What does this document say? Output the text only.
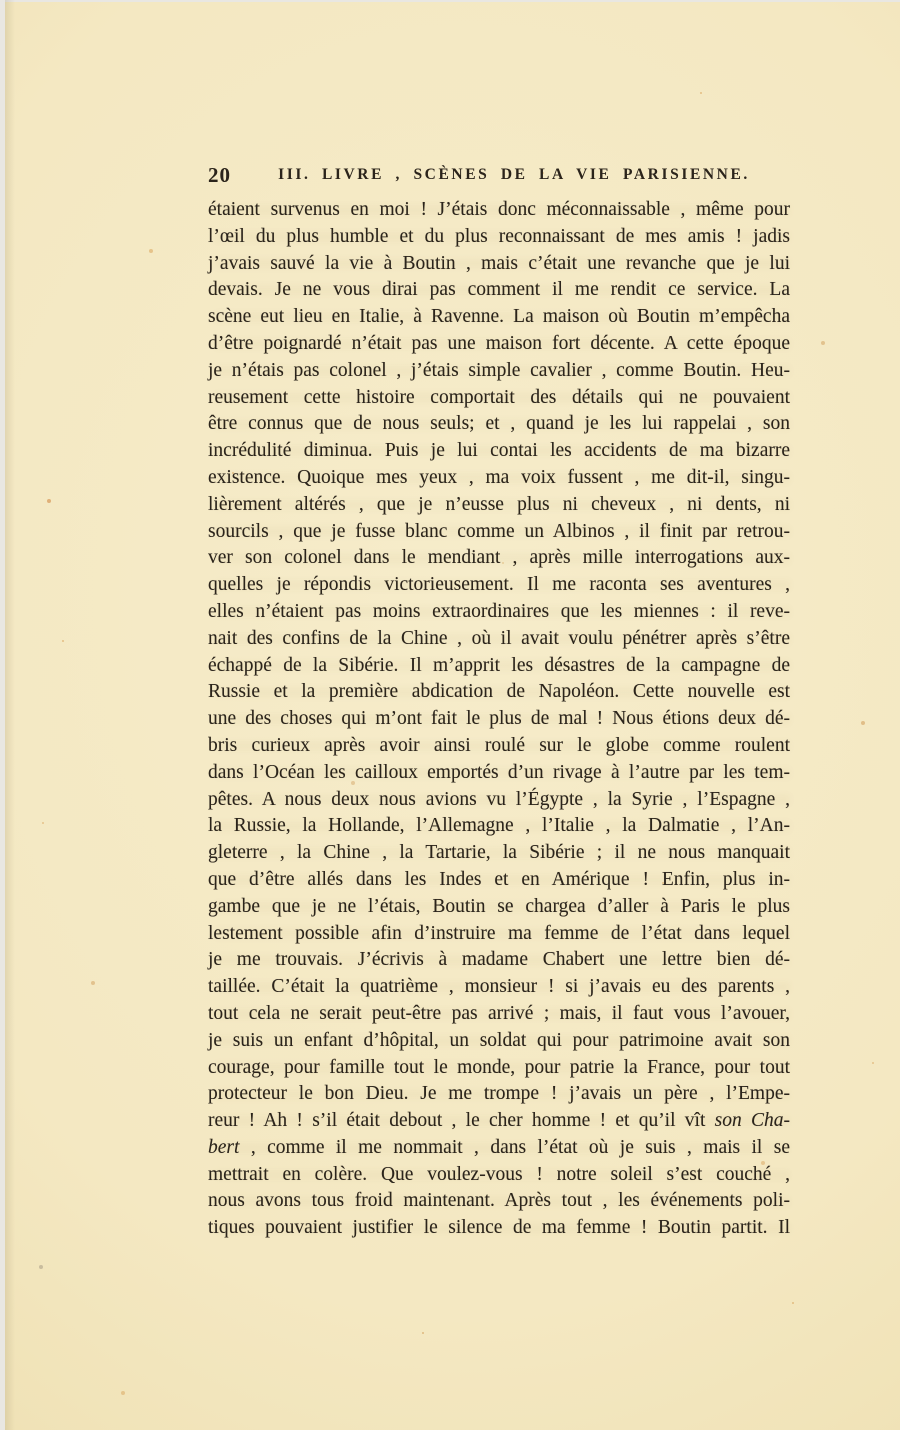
20	III. LIVRE , SCÈNES DE LA VIE PARISIENNE.
étaient survenus en moi ! J’étais donc méconnaissable , même pour
l’œil du plus humble et du plus reconnaissant de mes amis ! jadis
j’avais sauvé la vie à Boutin , mais c’était une revanche que je lui
devais. Je ne vous dirai pas comment il me rendit ce service. La
scène eut lieu en Italie, à Ravenne. La maison où Boutin m’empêcha
d’être poignardé n’était pas une maison fort décente. A cette époque
je n’étais pas colonel , j’étais simple cavalier , comme Boutin. Heu-
reusement cette histoire comportait des détails qui ne pouvaient
être connus que de nous seuls; et , quand je les lui rappelai , son
incrédulité diminua. Puis je lui contai les accidents de ma bizarre
existence. Quoique mes yeux , ma voix fussent , me dit-il, singu-
lièrement altérés , que je n’eusse plus ni cheveux , ni dents, ni
sourcils , que je fusse blanc comme un Albinos , il finit par retrou-
ver son colonel dans le mendiant , après mille interrogations aux-
quelles je répondis victorieusement. Il me raconta ses aventures ,
elles n’étaient pas moins extraordinaires que les miennes : il reve-
nait des confins de la Chine , où il avait voulu pénétrer après s’être
échappé de la Sibérie. Il m’apprit les désastres de la campagne de
Russie et la première abdication de Napoléon. Cette nouvelle est
une des choses qui m’ont fait le plus de mal ! Nous étions deux dé-
bris curieux après avoir ainsi roulé sur le globe comme roulent
dans l’Océan les cailloux emportés d’un rivage à l’autre par les tem-
pêtes. A nous deux nous avions vu l’Égypte , la Syrie , l’Espagne ,
la Russie, la Hollande, l’Allemagne , l’Italie , la Dalmatie , l’An-
gleterre , la Chine , la Tartarie, la Sibérie ; il ne nous manquait
que d’être allés dans les Indes et en Amérique ! Enfin, plus in-
gambe que je ne l’étais, Boutin se chargea d’aller à Paris le plus
lestement possible afin d’instruire ma femme de l’état dans lequel
je me trouvais. J’écrivis à madame Chabert une lettre bien dé-
taillée. C’était la quatrième , monsieur ! si j’avais eu des parents ,
tout cela ne serait peut-être pas arrivé ; mais, il faut vous l’avouer,
je suis un enfant d’hôpital, un soldat qui pour patrimoine avait son
courage, pour famille tout le monde, pour patrie la France, pour tout
protecteur le bon Dieu. Je me trompe ! j’avais un père , l’Empe-
reur ! Ah ! s’il était debout , le cher homme ! et qu’il vît son Cha-
bert , comme il me nommait , dans l’état où je suis , mais il se
mettrait en colère. Que voulez-vous ! notre soleil s’est couché ,
nous avons tous froid maintenant. Après tout , les événements poli-
tiques pouvaient justifier le silence de ma femme ! Boutin partit. Il
